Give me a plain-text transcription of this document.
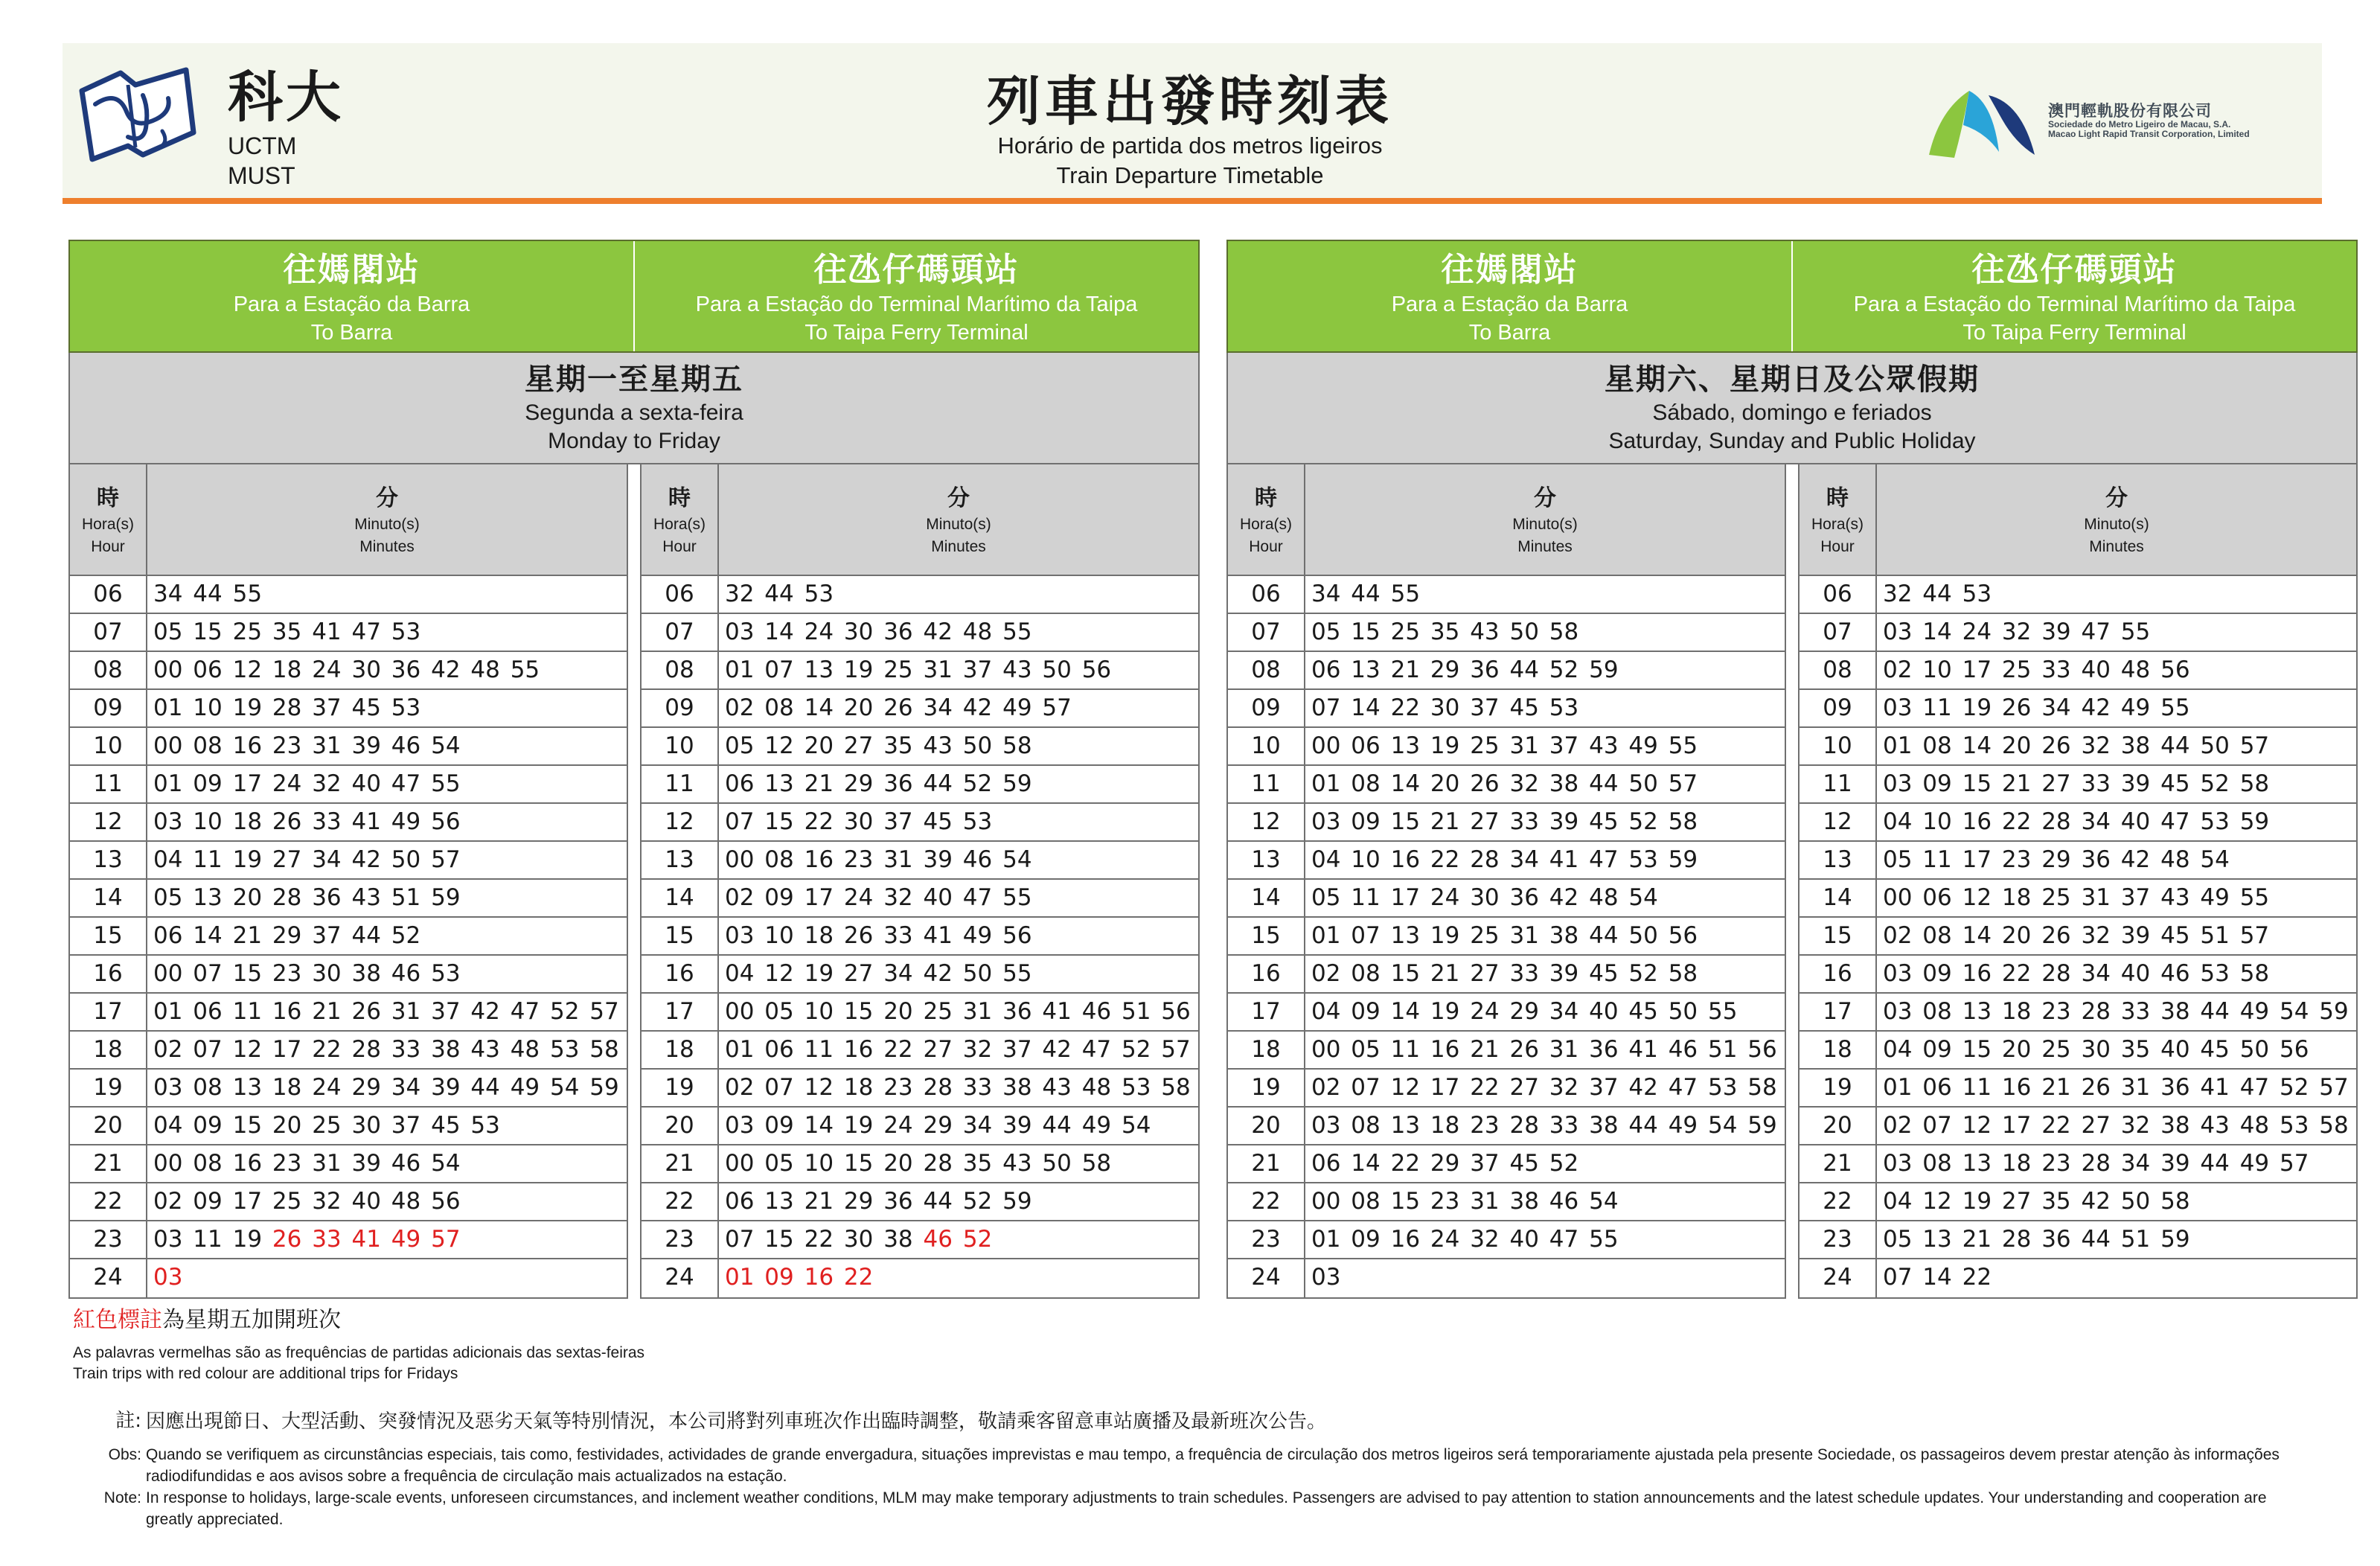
科大
UCTM
MUST
列車出發時刻表
Horário de partida dos metros ligeiros
Train Departure Timetable
澳門輕軌股份有限公司
Sociedade do Metro Ligeiro de Macau, S.A.
Macao Light Rapid Transit Corporation, Limited
往媽閣站
Para a Estação da Barra
To Barra
往氹仔碼頭站
Para a Estação do Terminal Marítimo da Taipa
To Taipa Ferry Terminal
星期一至星期五
Segunda a sexta-feira
Monday to Friday
時
Hora(s)
Hour
分
Minuto(s)
Minutes
06	34 44 55
07	05 15 25 35 41 47 53
08	00 06 12 18 24 30 36 42 48 55
09	01 10 19 28 37 45 53
10	00 08 16 23 31 39 46 54
11	01 09 17 24 32 40 47 55
12	03 10 18 26 33 41 49 56
13	04 11 19 27 34 42 50 57
14	05 13 20 28 36 43 51 59
15	06 14 21 29 37 44 52
16	00 07 15 23 30 38 46 53
17	01 06 11 16 21 26 31 37 42 47 52 57
18	02 07 12 17 22 28 33 38 43 48 53 58
19	03 08 13 18 24 29 34 39 44 49 54 59
20	04 09 15 20 25 30 37 45 53
21	00 08 16 23 31 39 46 54
22	02 09 17 25 32 40 48 56
23	03 11 19 26 33 41 49 57
24	03
時
Hora(s)
Hour
分
Minuto(s)
Minutes
06	32 44 53
07	03 14 24 30 36 42 48 55
08	01 07 13 19 25 31 37 43 50 56
09	02 08 14 20 26 34 42 49 57
10	05 12 20 27 35 43 50 58
11	06 13 21 29 36 44 52 59
12	07 15 22 30 37 45 53
13	00 08 16 23 31 39 46 54
14	02 09 17 24 32 40 47 55
15	03 10 18 26 33 41 49 56
16	04 12 19 27 34 42 50 55
17	00 05 10 15 20 25 31 36 41 46 51 56
18	01 06 11 16 22 27 32 37 42 47 52 57
19	02 07 12 18 23 28 33 38 43 48 53 58
20	03 09 14 19 24 29 34 39 44 49 54
21	00 05 10 15 20 28 35 43 50 58
22	06 13 21 29 36 44 52 59
23	07 15 22 30 38 46 52
24	01 09 16 22
往媽閣站
Para a Estação da Barra
To Barra
往氹仔碼頭站
Para a Estação do Terminal Marítimo da Taipa
To Taipa Ferry Terminal
星期六、星期日及公眾假期
Sábado, domingo e feriados
Saturday, Sunday and Public Holiday
時
Hora(s)
Hour
分
Minuto(s)
Minutes
06	34 44 55
07	05 15 25 35 43 50 58
08	06 13 21 29 36 44 52 59
09	07 14 22 30 37 45 53
10	00 06 13 19 25 31 37 43 49 55
11	01 08 14 20 26 32 38 44 50 57
12	03 09 15 21 27 33 39 45 52 58
13	04 10 16 22 28 34 41 47 53 59
14	05 11 17 24 30 36 42 48 54
15	01 07 13 19 25 31 38 44 50 56
16	02 08 15 21 27 33 39 45 52 58
17	04 09 14 19 24 29 34 40 45 50 55
18	00 05 11 16 21 26 31 36 41 46 51 56
19	02 07 12 17 22 27 32 37 42 47 53 58
20	03 08 13 18 23 28 33 38 44 49 54 59
21	06 14 22 29 37 45 52
22	00 08 15 23 31 38 46 54
23	01 09 16 24 32 40 47 55
24	03
時
Hora(s)
Hour
分
Minuto(s)
Minutes
06	32 44 53
07	03 14 24 32 39 47 55
08	02 10 17 25 33 40 48 56
09	03 11 19 26 34 42 49 55
10	01 08 14 20 26 32 38 44 50 57
11	03 09 15 21 27 33 39 45 52 58
12	04 10 16 22 28 34 40 47 53 59
13	05 11 17 23 29 36 42 48 54
14	00 06 12 18 25 31 37 43 49 55
15	02 08 14 20 26 32 39 45 51 57
16	03 09 16 22 28 34 40 46 53 58
17	03 08 13 18 23 28 33 38 44 49 54 59
18	04 09 15 20 25 30 35 40 45 50 56
19	01 06 11 16 21 26 31 36 41 47 52 57
20	02 07 12 17 22 27 32 38 43 48 53 58
21	03 08 13 18 23 28 34 39 44 49 57
22	04 12 19 27 35 42 50 58
23	05 13 21 28 36 44 51 59
24	07 14 22
紅色標註為星期五加開班次
As palavras vermelhas são as frequências de partidas adicionais das sextas-feiras
Train trips with red colour are additional trips for Fridays
註: 因應出現節日、大型活動、突發情況及惡劣天氣等特別情況，本公司將對列車班次作出臨時調整，敬請乘客留意車站廣播及最新班次公告。
Obs: Quando se verifiquem as circunstâncias especiais, tais como, festividades, actividades de grande envergadura, situações imprevistas e mau tempo, a frequência de circulação dos metros ligeiros será temporariamente ajustada pela presente Sociedade, os passageiros devem prestar atenção às informações radiodifundidas e aos avisos sobre a frequência de circulação mais actualizados na estação.
Note: In response to holidays, large-scale events, unforeseen circumstances, and inclement weather conditions, MLM may make temporary adjustments to train schedules. Passengers are advised to pay attention to station announcements and the latest schedule updates. Your understanding and cooperation are greatly appreciated.
